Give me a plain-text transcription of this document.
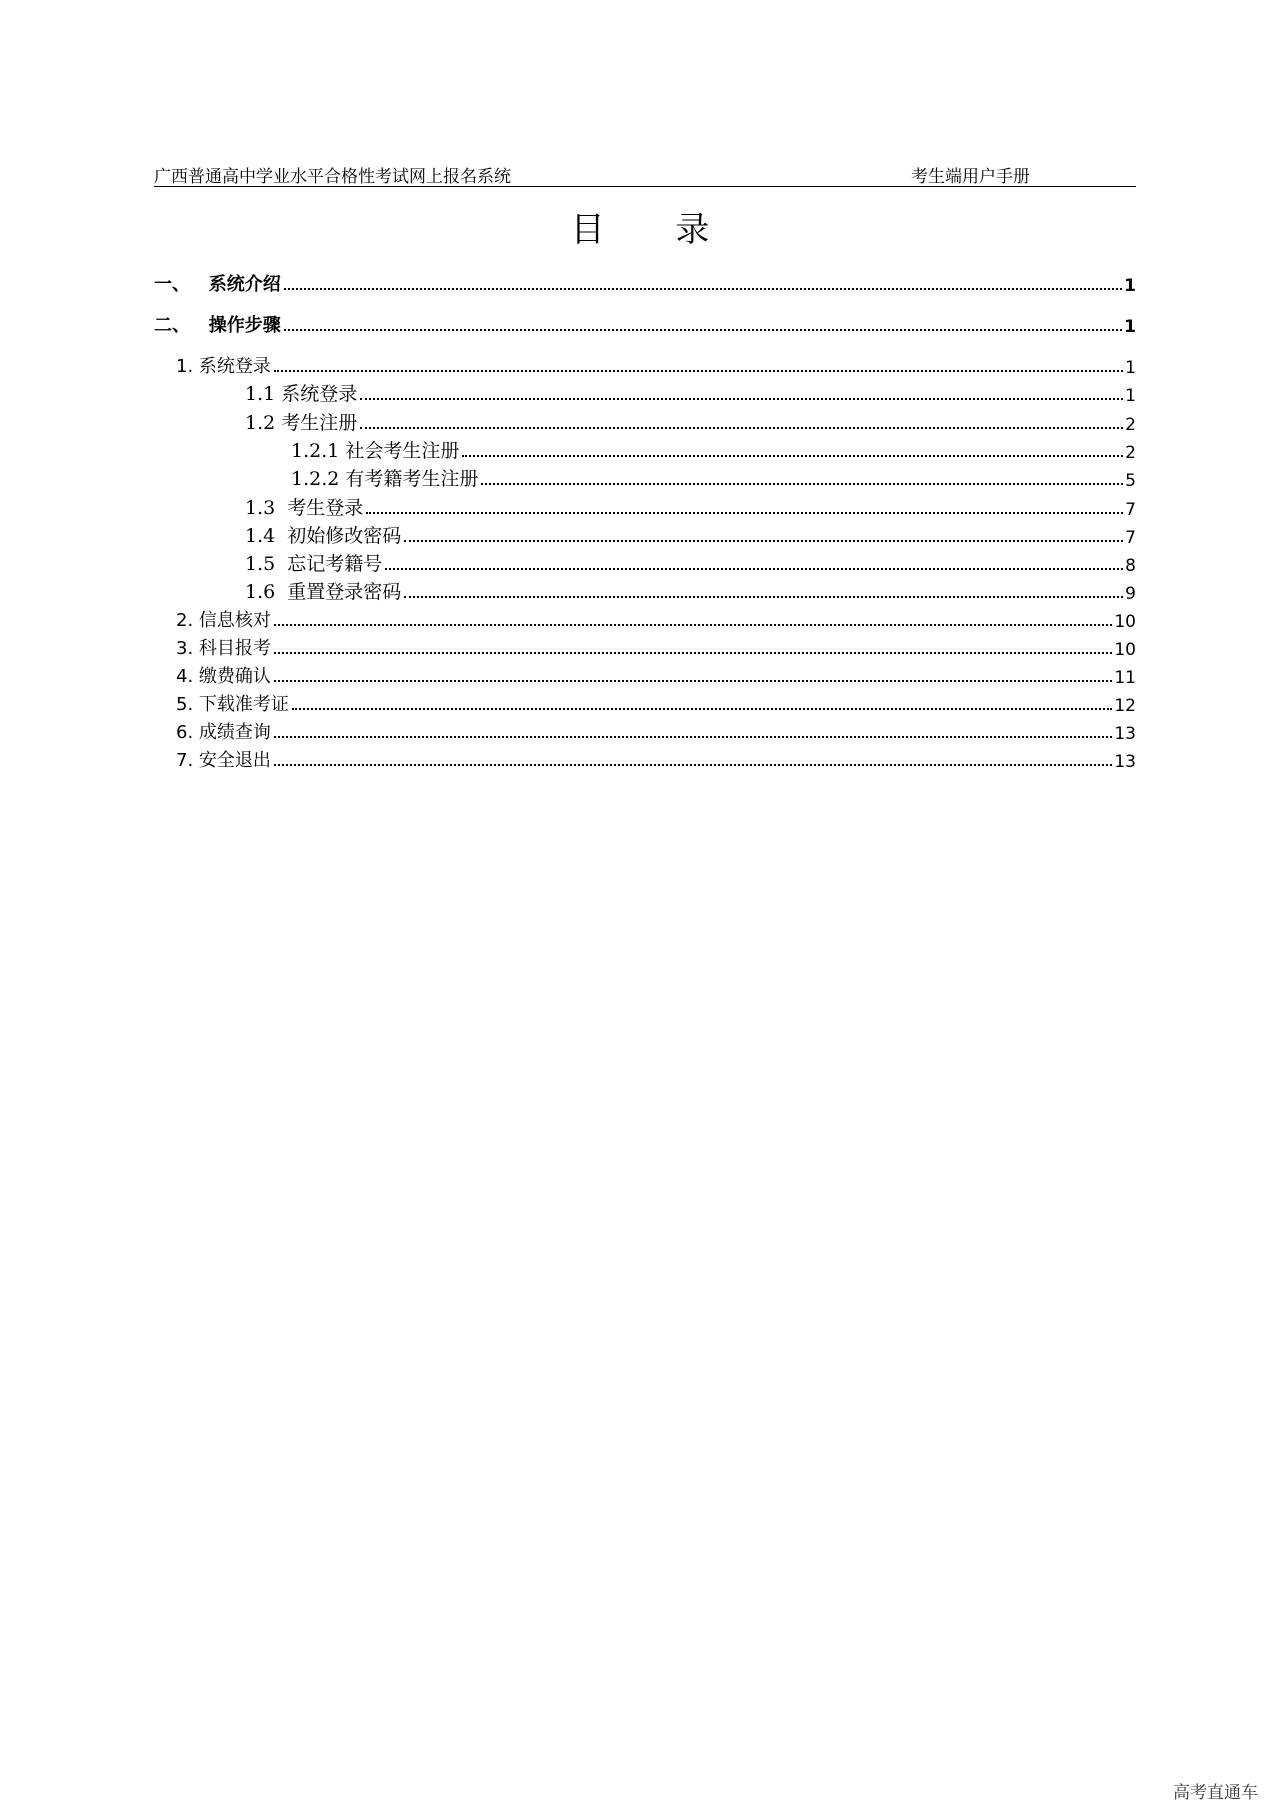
广西普通高中学业水平合格性考试网上报名系统	考生端用户手册
目 录
一、   系统介绍	1
二、   操作步骤	1
1. 系统登录	1
1.1 系统登录	1
1.2 考生注册	2
1.2.1 社会考生注册	2
1.2.2 有考籍考生注册	5
1.3  考生登录	7
1.4  初始修改密码	7
1.5  忘记考籍号	8
1.6  重置登录密码	9
2. 信息核对	10
3. 科目报考	10
4. 缴费确认	11
5. 下载准考证	12
6. 成绩查询	13
7. 安全退出	13
高考直通车
